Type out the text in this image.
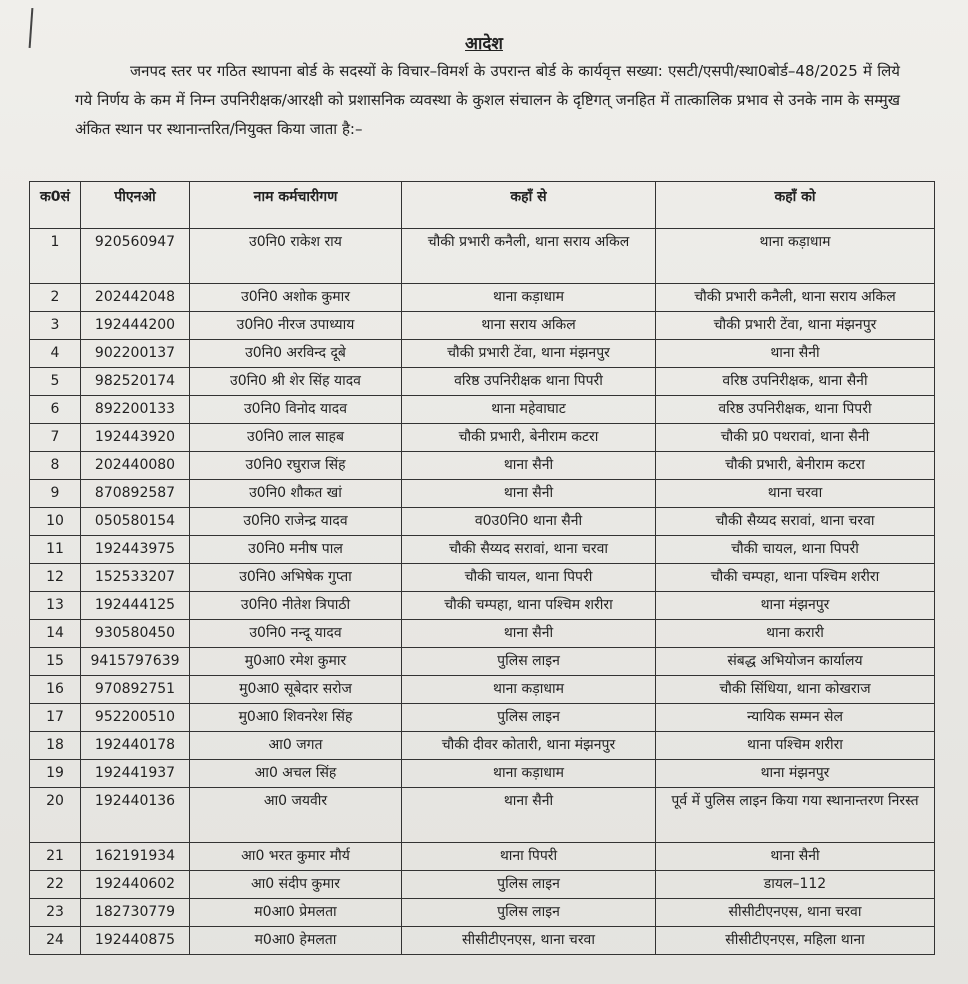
आदेश
जनपद स्तर पर गठित स्थापना बोर्ड के सदस्यों के विचार–विमर्श के उपरान्त बोर्ड के कार्यवृत्त सख्या: एसटी/एसपी/स्था0बोर्ड–48/2025 में लिये गये निर्णय के कम में निम्न उपनिरीक्षक/आरक्षी को प्रशासनिक व्यवस्था के कुशल संचालन के दृष्टिगत् जनहित में तात्कालिक प्रभाव से उनके नाम के सम्मुख अंकित स्थान पर स्थानान्तरित/नियुक्त किया जाता है:–
क0सं	पीएनओ	नाम कर्मचारीगण	कहाँ से	कहाँ को
1	920560947	उ0नि0 राकेश राय	चौकी प्रभारी कनैली, थाना सराय अकिल	थाना कड़ाधाम
2	202442048	उ0नि0 अशोक कुमार	थाना कड़ाधाम	चौकी प्रभारी कनैली, थाना सराय अकिल
3	192444200	उ0नि0 नीरज उपाध्याय	थाना सराय अकिल	चौकी प्रभारी टेंवा, थाना मंझनपुर
4	902200137	उ0नि0 अरविन्द दूबे	चौकी प्रभारी टेंवा, थाना मंझनपुर	थाना सैनी
5	982520174	उ0नि0 श्री शेर सिंह यादव	वरिष्ठ उपनिरीक्षक थाना पिपरी	वरिष्ठ उपनिरीक्षक, थाना सैनी
6	892200133	उ0नि0 विनोद यादव	थाना महेवाघाट	वरिष्ठ उपनिरीक्षक, थाना पिपरी
7	192443920	उ0नि0 लाल साहब	चौकी प्रभारी, बेनीराम कटरा	चौकी प्र0 पथरावां, थाना सैनी
8	202440080	उ0नि0 रघुराज सिंह	थाना सैनी	चौकी प्रभारी, बेनीराम कटरा
9	870892587	उ0नि0 शौकत खां	थाना सैनी	थाना चरवा
10	050580154	उ0नि0 राजेन्द्र यादव	व0उ0नि0 थाना सैनी	चौकी सैय्यद सरावां, थाना चरवा
11	192443975	उ0नि0 मनीष पाल	चौकी सैय्यद सरावां, थाना चरवा	चौकी चायल, थाना पिपरी
12	152533207	उ0नि0 अभिषेक गुप्ता	चौकी चायल, थाना पिपरी	चौकी चम्पहा, थाना पश्चिम शरीरा
13	192444125	उ0नि0 नीतेश त्रिपाठी	चौकी चम्पहा, थाना पश्चिम शरीरा	थाना मंझनपुर
14	930580450	उ0नि0 नन्दू यादव	थाना सैनी	थाना करारी
15	9415797639	मु0आ0 रमेश कुमार	पुलिस लाइन	संबद्ध अभियोजन कार्यालय
16	970892751	मु0आ0 सूबेदार सरोज	थाना कड़ाधाम	चौकी सिंधिया, थाना कोखराज
17	952200510	मु0आ0 शिवनरेश सिंह	पुलिस लाइन	न्यायिक सम्मन सेल
18	192440178	आ0 जगत	चौकी दीवर कोतारी, थाना मंझनपुर	थाना पश्चिम शरीरा
19	192441937	आ0 अचल सिंह	थाना कड़ाधाम	थाना मंझनपुर
20	192440136	आ0 जयवीर	थाना सैनी	पूर्व में पुलिस लाइन किया गया स्थानान्तरण निरस्त
21	162191934	आ0 भरत कुमार मौर्य	थाना पिपरी	थाना सैनी
22	192440602	आ0 संदीप कुमार	पुलिस लाइन	डायल–112
23	182730779	म0आ0 प्रेमलता	पुलिस लाइन	सीसीटीएनएस, थाना चरवा
24	192440875	म0आ0 हेमलता	सीसीटीएनएस, थाना चरवा	सीसीटीएनएस, महिला थाना
